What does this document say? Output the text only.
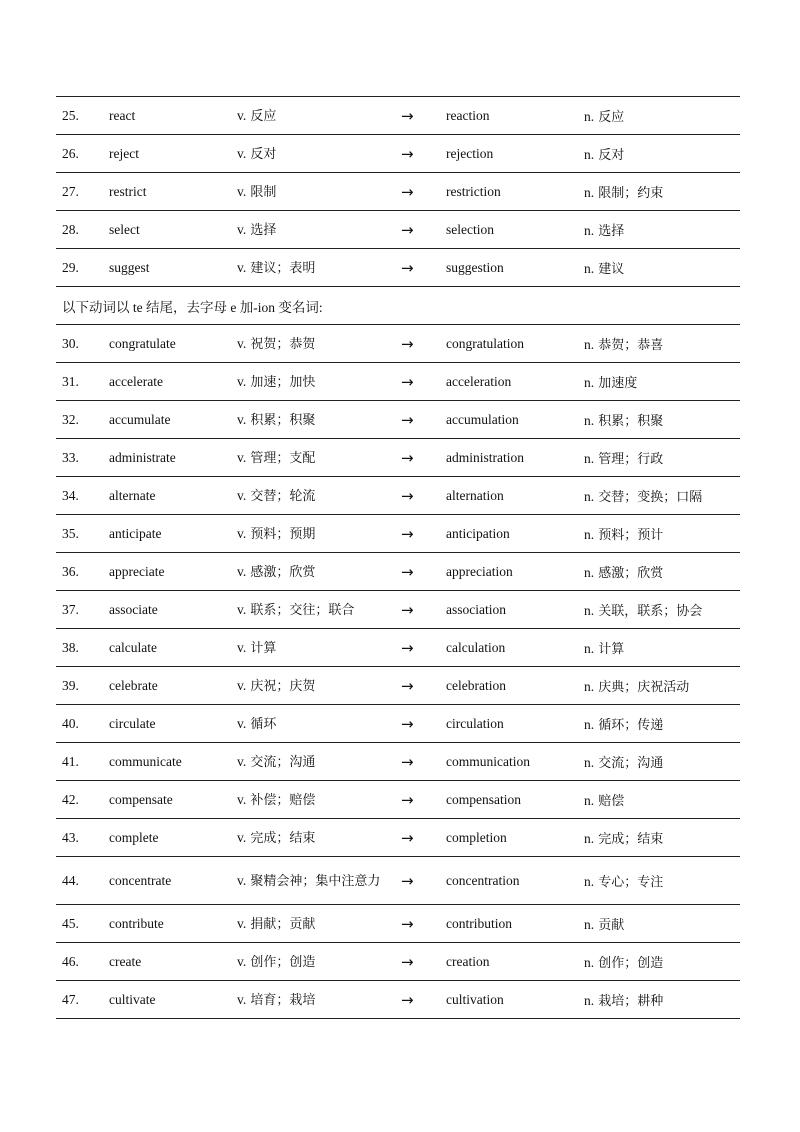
25.	react	v. 反应	→	reaction	n. 反应
26.	reject	v. 反对	→	rejection	n. 反对
27.	restrict	v. 限制	→	restriction	n. 限制；约束
28.	select	v. 选择	→	selection	n. 选择
29.	suggest	v. 建议；表明	→	suggestion	n. 建议
以下动词以 te 结尾，去字母 e 加-ion 变名词:
30.	congratulate	v. 祝贺；恭贺	→	congratulation	n. 恭贺；恭喜
31.	accelerate	v. 加速；加快	→	acceleration	n. 加速度
32.	accumulate	v. 积累；积聚	→	accumulation	n. 积累；积聚
33.	administrate	v. 管理；支配	→	administration	n. 管理；行政
34.	alternate	v. 交替；轮流	→	alternation	n. 交替；变换；口隔
35.	anticipate	v. 预料；预期	→	anticipation	n. 预料；预计
36.	appreciate	v. 感激；欣赏	→	appreciation	n. 感激；欣赏
37.	associate	v. 联系；交往；联合	→	association	n. 关联，联系；协会
38.	calculate	v. 计算	→	calculation	n. 计算
39.	celebrate	v. 庆祝；庆贺	→	celebration	n. 庆典；庆祝活动
40.	circulate	v. 循环	→	circulation	n. 循环；传递
41.	communicate	v. 交流；沟通	→	communication	n. 交流；沟通
42.	compensate	v. 补偿；赔偿	→	compensation	n. 赔偿
43.	complete	v. 完成；结束	→	completion	n. 完成；结束
44.	concentrate	v. 聚精会神；集中注意力	→	concentration	n. 专心；专注
45.	contribute	v. 捐献；贡献	→	contribution	n. 贡献
46.	create	v. 创作；创造	→	creation	n. 创作；创造
47.	cultivate	v. 培育；栽培	→	cultivation	n. 栽培；耕种
